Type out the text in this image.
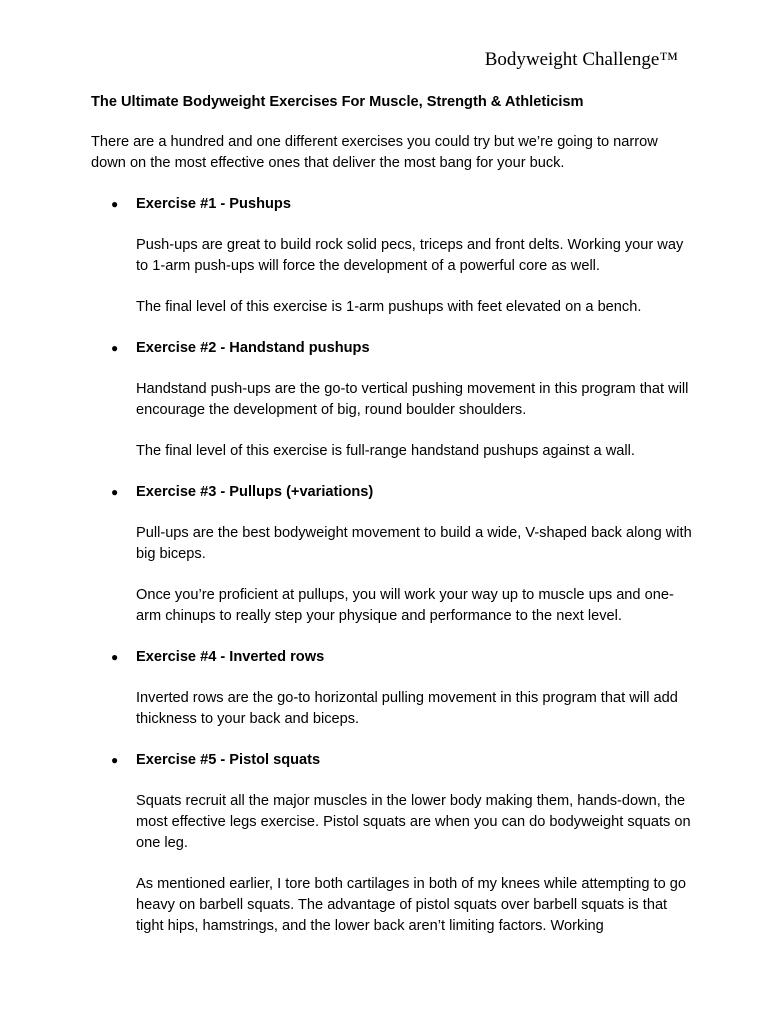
Bodyweight Challenge™

The Ultimate Bodyweight Exercises For Muscle, Strength & Athleticism

There are a hundred and one different exercises you could try but we’re going to narrow down on the most effective ones that deliver the most bang for your buck.

● Exercise #1 - Pushups

Push-ups are great to build rock solid pecs, triceps and front delts. Working your way to 1-arm push-ups will force the development of a powerful core as well.

The final level of this exercise is 1-arm pushups with feet elevated on a bench.

● Exercise #2 - Handstand pushups

Handstand push-ups are the go-to vertical pushing movement in this program that will encourage the development of big, round boulder shoulders.

The final level of this exercise is full-range handstand pushups against a wall.

● Exercise #3 - Pullups (+variations)

Pull-ups are the best bodyweight movement to build a wide, V-shaped back along with big biceps.

Once you’re proficient at pullups, you will work your way up to muscle ups and one-arm chinups to really step your physique and performance to the next level.

● Exercise #4 - Inverted rows

Inverted rows are the go-to horizontal pulling movement in this program that will add thickness to your back and biceps.

● Exercise #5 - Pistol squats

Squats recruit all the major muscles in the lower body making them, hands-down, the most effective legs exercise. Pistol squats are when you can do bodyweight squats on one leg.

As mentioned earlier, I tore both cartilages in both of my knees while attempting to go heavy on barbell squats. The advantage of pistol squats over barbell squats is that tight hips, hamstrings, and the lower back aren’t limiting factors. Working
